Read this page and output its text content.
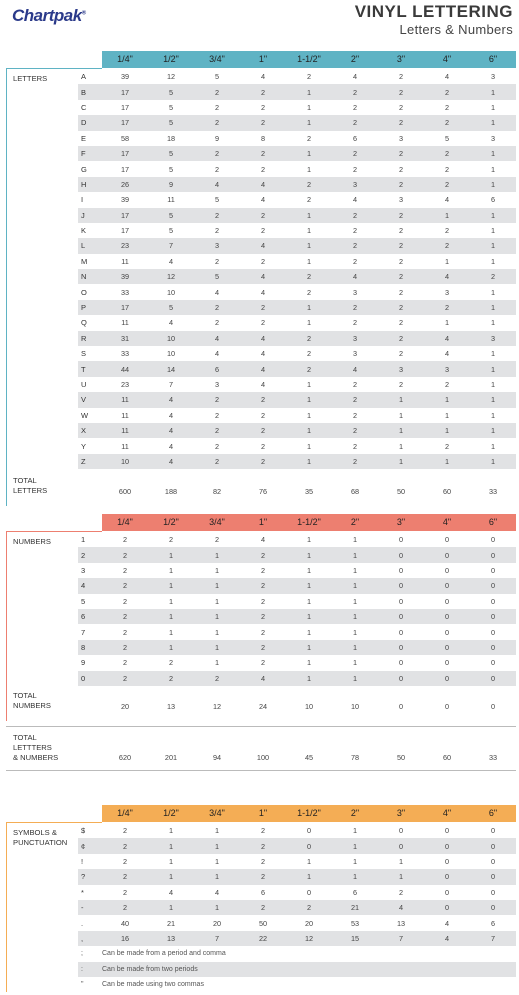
Chartpak®	VINYL LETTERING
Letters & Numbers
1/4"	1/2"	3/4"	1"	1-1/2"	2"	3"	4"	6"
LETTERS	A	39	12	5	4	2	4	2	4	3
B	17	5	2	2	1	2	2	2	1
C	17	5	2	2	1	2	2	2	1
D	17	5	2	2	1	2	2	2	1
E	58	18	9	8	2	6	3	5	3
F	17	5	2	2	1	2	2	2	1
G	17	5	2	2	1	2	2	2	1
H	26	9	4	4	2	3	2	2	1
I	39	11	5	4	2	4	3	4	6
J	17	5	2	2	1	2	2	1	1
K	17	5	2	2	1	2	2	2	1
L	23	7	3	4	1	2	2	2	1
M	11	4	2	2	1	2	2	1	1
N	39	12	5	4	2	4	2	4	2
O	33	10	4	4	2	3	2	3	1
P	17	5	2	2	1	2	2	2	1
Q	11	4	2	2	1	2	2	1	1
R	31	10	4	4	2	3	2	4	3
S	33	10	4	4	2	3	2	4	1
T	44	14	6	4	2	4	3	3	1
U	23	7	3	4	1	2	2	2	1
V	11	4	2	2	1	2	1	1	1
W	11	4	2	2	1	2	1	1	1
X	11	4	2	2	1	2	1	1	1
Y	11	4	2	2	1	2	1	2	1
Z	10	4	2	2	1	2	1	1	1
TOTAL
LETTERS	600	188	82	76	35	68	50	60	33
1/4"	1/2"	3/4"	1"	1-1/2"	2"	3"	4"	6"
NUMBERS	1	2	2	2	4	1	1	0	0	0
2	2	1	1	2	1	1	0	0	0
3	2	1	1	2	1	1	0	0	0
4	2	1	1	2	1	1	0	0	0
5	2	1	1	2	1	1	0	0	0
6	2	1	1	2	1	1	0	0	0
7	2	1	1	2	1	1	0	0	0
8	2	1	1	2	1	1	0	0	0
9	2	2	1	2	1	1	0	0	0
0	2	2	2	4	1	1	0	0	0
TOTAL
NUMBERS	20	13	12	24	10	10	0	0	0
TOTAL
LETTTERS
& NUMBERS	620	201	94	100	45	78	50	60	33
1/4"	1/2"	3/4"	1"	1-1/2"	2"	3"	4"	6"
SYMBOLS &
PUNCTUATION
$	2	1	1	2	0	1	0	0	0
¢	2	1	1	2	0	1	0	0	0
!	2	1	1	2	1	1	1	0	0
?	2	1	1	2	1	1	1	0	0
*	2	4	4	6	0	6	2	0	0
-	2	1	1	2	2	21	4	0	0
.	40	21	20	50	20	53	13	4	6
,	16	13	7	22	12	15	7	4	7
;	Can be made from a period and comma
:	Can be made from two periods
"	Can be made using two commas
